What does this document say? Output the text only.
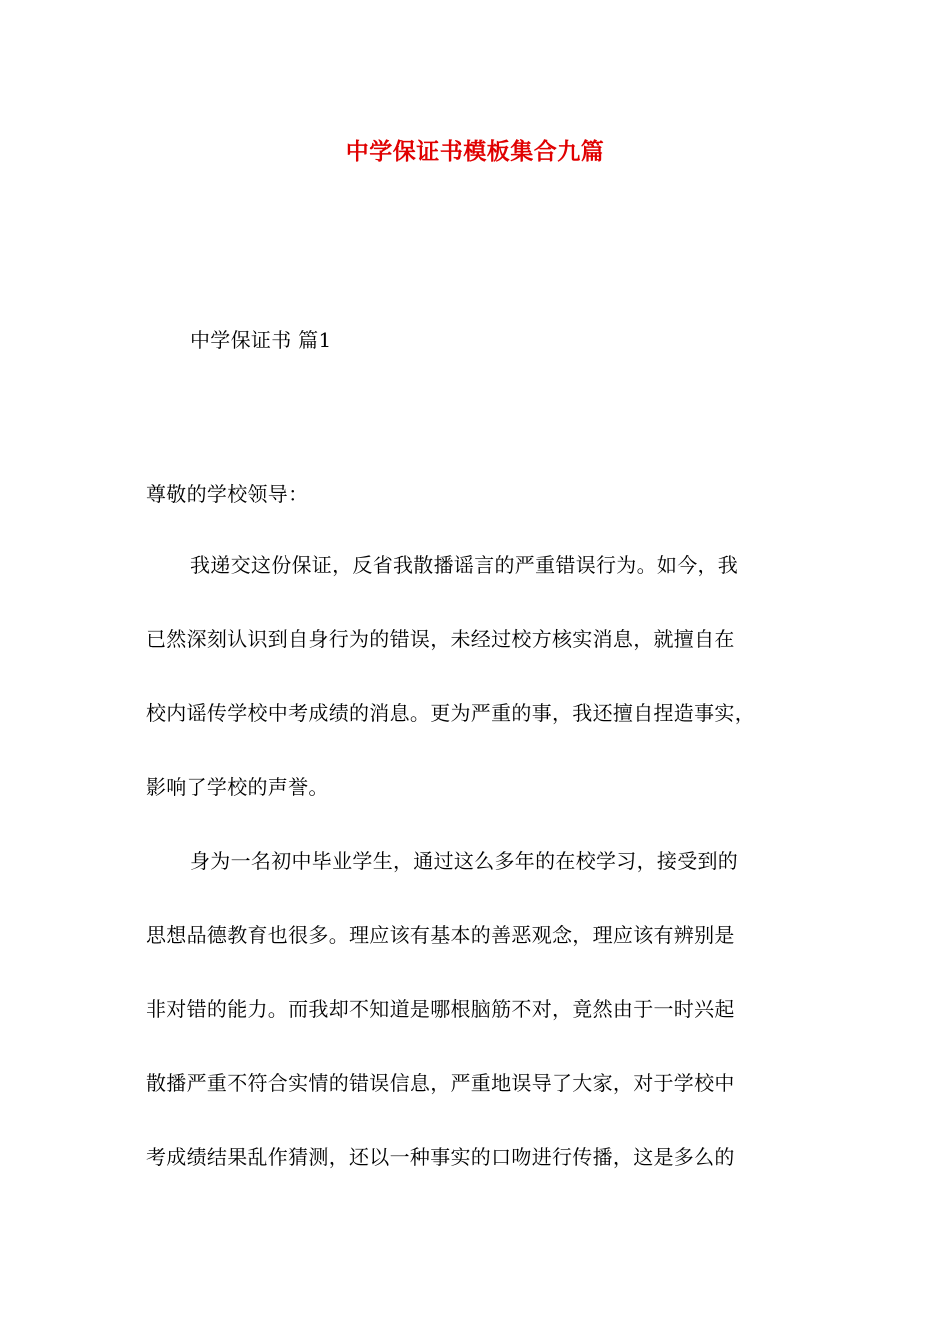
中学保证书模板集合九篇
中学保证书 篇1
尊敬的学校领导：
我递交这份保证，反省我散播谣言的严重错误行为。如今，我
已然深刻认识到自身行为的错误，未经过校方核实消息，就擅自在
校内谣传学校中考成绩的消息。更为严重的事，我还擅自捏造事实，
影响了学校的声誉。
身为一名初中毕业学生，通过这么多年的在校学习，接受到的
思想品德教育也很多。理应该有基本的善恶观念，理应该有辨别是
非对错的能力。而我却不知道是哪根脑筋不对，竟然由于一时兴起
散播严重不符合实情的错误信息，严重地误导了大家，对于学校中
考成绩结果乱作猜测，还以一种事实的口吻进行传播，这是多么的
